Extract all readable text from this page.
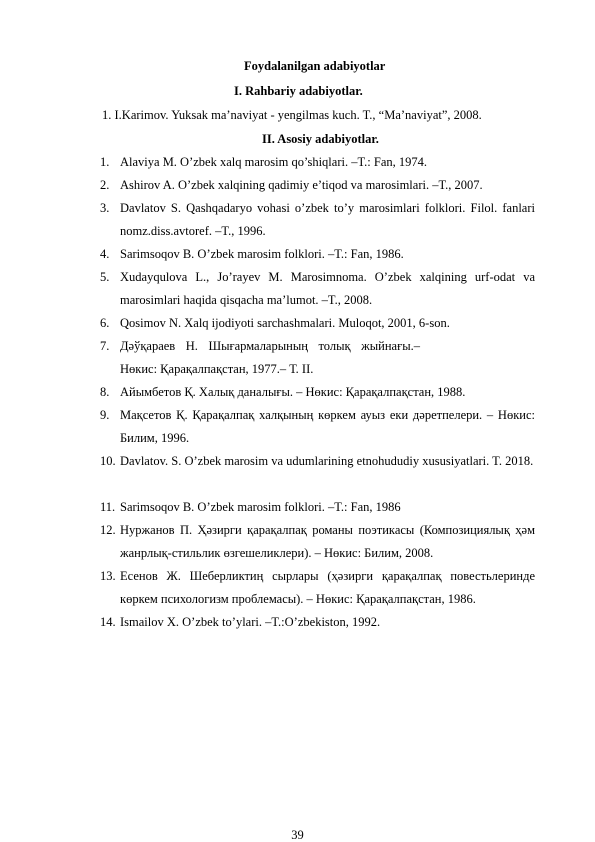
Foydalanilgan adabiyotlar
I. Rahbariy adabiyotlar.
1. I.Karimov. Yuksak ma’naviyat - yengilmas kuch. T., “Ma’naviyat”, 2008.
II. Asosiy adabiyotlar.
1. Alaviya M. O’zbek xalq marosim qo’shiqlari. –T.: Fan, 1974.
2. Ashirov A. O’zbek xalqining qadimiy e’tiqod va marosimlari. –T., 2007.
3. Davlatov S. Qashqadaryo vohasi o’zbek to’y marosimlari folklori. Filol. fanlari nomz.diss.avtoref. –T., 1996.
4. Sarimsoqov B. O’zbek marosim folklori. –T.: Fan, 1986.
5. Xudayqulova L., Jo’rayev M. Marosimnoma. O’zbek xalqining urf-odat va marosimlari haqida qisqacha ma’lumot. –T., 2008.
6. Qosimov N. Xalq ijodiyoti sarchashmalari. Muloqot, 2001, 6-son.
7. Дәўқараев Н. Шығармаларының толық жыйнағы.–Нөкис: Қарақалпақстан, 1977.– Т. II.
8. Айымбетов Қ. Халық даналығы. – Нөкис: Қарақалпақстан, 1988.
9. Мақсетов Қ. Қарақалпақ халқының көркем ауыз еки дәретпелери. – Нөкис: Билим, 1996.
10. Davlatov. S. O’zbek marosim va udumlarining etnohududiy xususiyatlari. T. 2018.
11. Sarimsoqov B. O’zbek marosim folklori. –T.: Fan, 1986
12. Нуржанов П. Ҳәзирги қарақалпақ романы поэтикасы (Композициялық ҳәм жанрлық-стильлик өзгешеликлери). – Нөкис: Билим, 2008.
13. Есенов Ж. Шеберликтиң сырлары (ҳәзирги қарақалпақ повестьлеринде көркем психологизм проблемасы). – Нөкис: Қарақалпақстан, 1986.
14. Ismailov X. O’zbek to’ylari. –T.:O’zbekiston, 1992.
39
